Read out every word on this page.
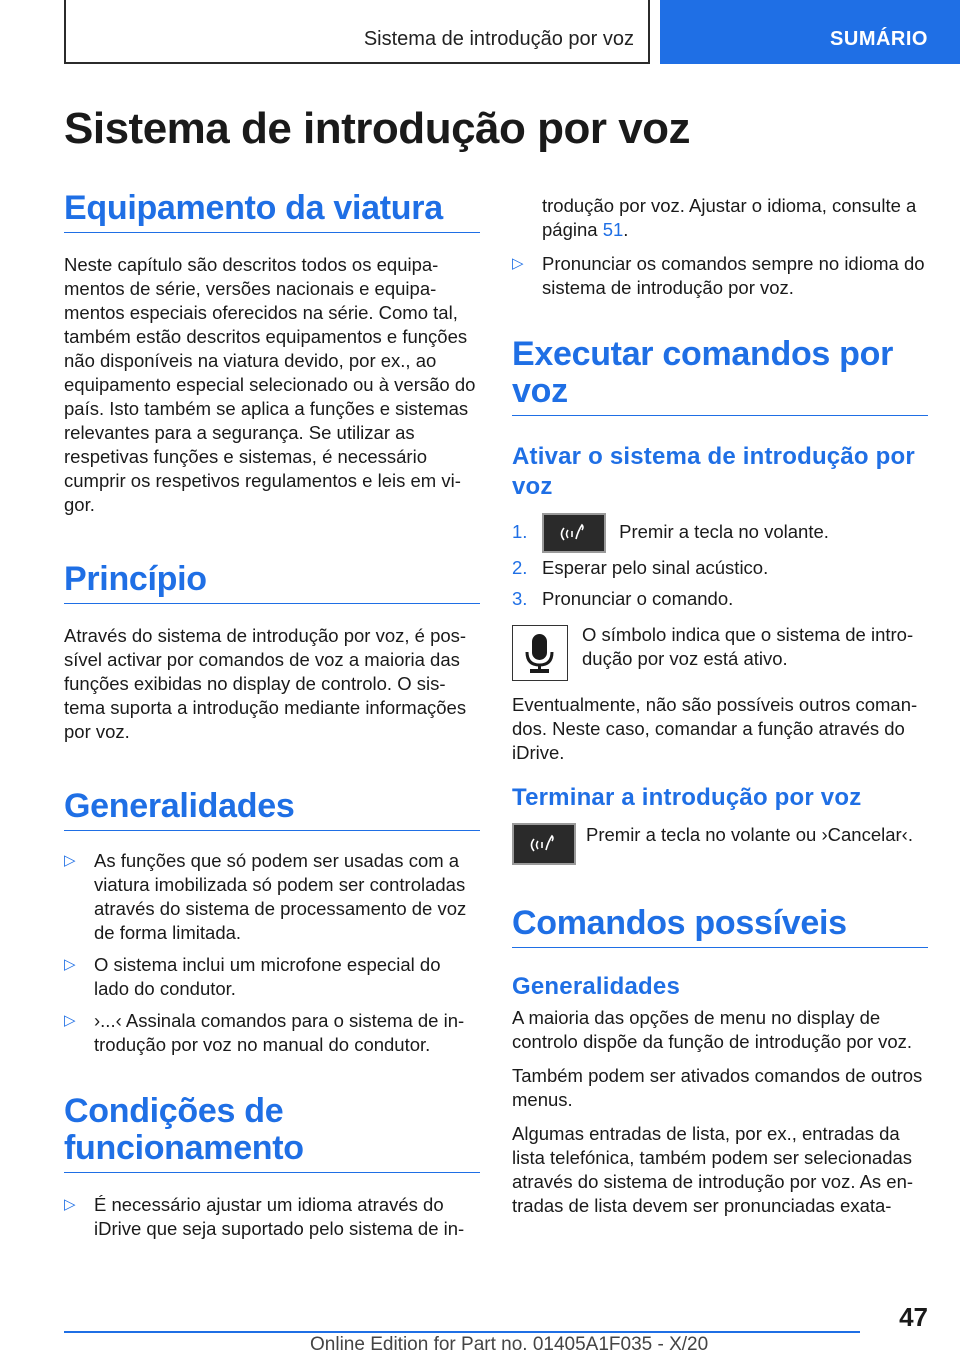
Sistema de introdução por voz	SUMÁRIO
Sistema de introdução por voz
Equipamento da viatura

Neste capítulo são descritos todos os equipamentos de série, versões nacionais e equipamentos especiais oferecidos na série. Como tal, também estão descritos equipamentos e funções não disponíveis na viatura devido, por ex., ao equipamento especial selecionado ou à versão do país. Isto também se aplica a funções e sistemas relevantes para a segurança. Se utilizar as respetivas funções e sistemas, é necessário cumprir os respetivos regulamentos e leis em vigor.

Princípio

Através do sistema de introdução por voz, é possível activar por comandos de voz a maioria das funções exibidas no display de controlo. O sistema suporta a introdução mediante informações por voz.

Generalidades
▷ As funções que só podem ser usadas com a viatura imobilizada só podem ser controladas através do sistema de processamento de voz de forma limitada.
▷ O sistema inclui um microfone especial do lado do condutor.
▷ ›...‹ Assinala comandos para o sistema de introdução por voz no manual do condutor.
Condições de funcionamento
▷ É necessário ajustar um idioma através do iDrive que seja suportado pelo sistema de in-
trodução por voz. Ajustar o idioma, consulte a página 51.
▷ Pronunciar os comandos sempre no idioma do sistema de introdução por voz.
Executar comandos por voz
Ativar o sistema de introdução por voz
1.	Premir a tecla no volante.
2. Esperar pelo sinal acústico.
3. Pronunciar o comando.

O símbolo indica que o sistema de introdução por voz está ativo.

Eventualmente, não são possíveis outros comandos. Neste caso, comandar a função através do iDrive.

Terminar a introdução por voz

Premir a tecla no volante ou ›Cancelar‹.

Comandos possíveis
Generalidades

A maioria das opções de menu no display de controlo dispõe da função de introdução por voz.

Também podem ser ativados comandos de outros menus.

Algumas entradas de lista, por ex., entradas da lista telefónica, também podem ser selecionadas através do sistema de introdução por voz. As entradas de lista devem ser pronunciadas exata-

47
Online Edition for Part no. 01405A1F035 - X/20
